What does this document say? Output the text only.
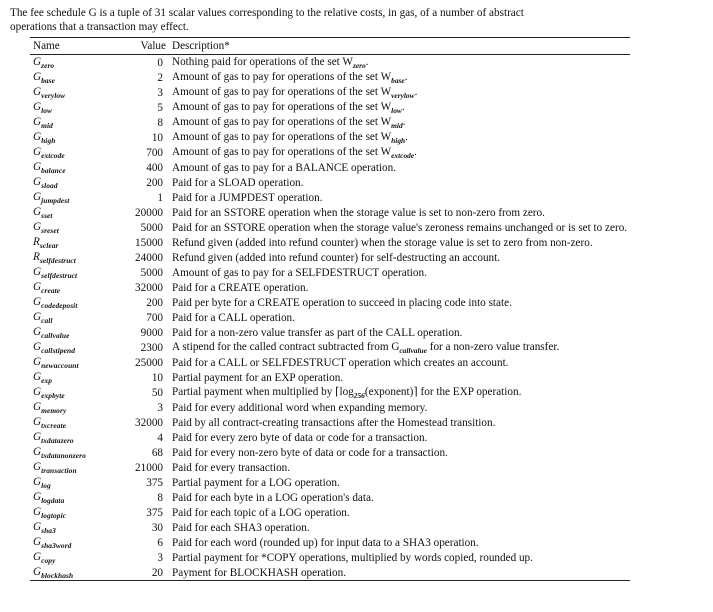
The fee schedule G is a tuple of 31 scalar values corresponding to the relative costs, in gas, of a number of abstract
operations that a transaction may effect.

Name	Value	Description*
$G_{zero}$	0	Nothing paid for operations of the set $W_{zero}$.
$G_{base}$	2	Amount of gas to pay for operations of the set $W_{base}$.
$G_{verylow}$	3	Amount of gas to pay for operations of the set $W_{verylow}$.
$G_{low}$	5	Amount of gas to pay for operations of the set $W_{low}$.
$G_{mid}$	8	Amount of gas to pay for operations of the set $W_{mid}$.
$G_{high}$	10	Amount of gas to pay for operations of the set $W_{high}$.
$G_{extcode}$	700	Amount of gas to pay for operations of the set $W_{extcode}$.
$G_{balance}$	400	Amount of gas to pay for a BALANCE operation.
$G_{sload}$	200	Paid for a SLOAD operation.
$G_{jumpdest}$	1	Paid for a JUMPDEST operation.
$G_{sset}$	20000	Paid for an SSTORE operation when the storage value is set to non-zero from zero.
$G_{sreset}$	5000	Paid for an SSTORE operation when the storage value's zeroness remains unchanged or is set to zero.
$R_{sclear}$	15000	Refund given (added into refund counter) when the storage value is set to zero from non-zero.
$R_{selfdestruct}$	24000	Refund given (added into refund counter) for self-destructing an account.
$G_{selfdestruct}$	5000	Amount of gas to pay for a SELFDESTRUCT operation.
$G_{create}$	32000	Paid for a CREATE operation.
$G_{codedeposit}$	200	Paid per byte for a CREATE operation to succeed in placing code into state.
$G_{call}$	700	Paid for a CALL operation.
$G_{callvalue}$	9000	Paid for a non-zero value transfer as part of the CALL operation.
$G_{callstipend}$	2300	A stipend for the called contract subtracted from $G_{callvalue}$ for a non-zero value transfer.
$G_{newaccount}$	25000	Paid for a CALL or SELFDESTRUCT operation which creates an account.
$G_{exp}$	10	Partial payment for an EXP operation.
$G_{expbyte}$	50	Partial payment when multiplied by $⌈\log_{256}(exponent)⌉$ for the EXP operation.
$G_{memory}$	3	Paid for every additional word when expanding memory.
$G_{txcreate}$	32000	Paid by all contract-creating transactions after the Homestead transition.
$G_{txdatazero}$	4	Paid for every zero byte of data or code for a transaction.
$G_{txdatanonzero}$	68	Paid for every non-zero byte of data or code for a transaction.
$G_{transaction}$	21000	Paid for every transaction.
$G_{log}$	375	Partial payment for a LOG operation.
$G_{logdata}$	8	Paid for each byte in a LOG operation's data.
$G_{logtopic}$	375	Paid for each topic of a LOG operation.
$G_{sha3}$	30	Paid for each SHA3 operation.
$G_{sha3word}$	6	Paid for each word (rounded up) for input data to a SHA3 operation.
$G_{copy}$	3	Partial payment for *COPY operations, multiplied by words copied, rounded up.
$G_{blockhash}$	20	Payment for BLOCKHASH operation.
